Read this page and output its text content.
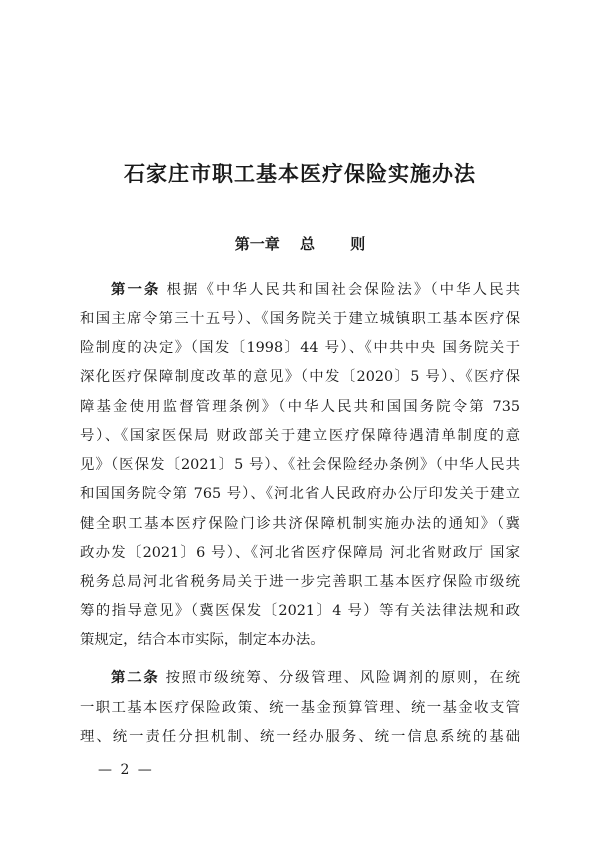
石家庄市职工基本医疗保险实施办法
第一章　 总　　 则
第一条 根据《中华人民共和国社会保险法》（中华人民共
和国主席令第三十五号）、《国务院关于建立城镇职工基本医疗保
险制度的决定》（国发〔1998〕44 号）、《中共中央 国务院关于
深化医疗保障制度改革的意见》（中发〔2020〕5 号）、《医疗保
障基金使用监督管理条例》（中华人民共和国国务院令第 735
号）、《国家医保局 财政部关于建立医疗保障待遇清单制度的意
见》（医保发〔2021〕5 号）、《社会保险经办条例》（中华人民共
和国国务院令第 765 号）、《河北省人民政府办公厅印发关于建立
健全职工基本医疗保险门诊共济保障机制实施办法的通知》（冀
政办发〔2021〕6 号）、《河北省医疗保障局 河北省财政厅 国家
税务总局河北省税务局关于进一步完善职工基本医疗保险市级统
筹的指导意见》（冀医保发〔2021〕4 号）等有关法律法规和政
策规定，结合本市实际，制定本办法。
第二条 按照市级统筹、分级管理、风险调剂的原则，在统
一职工基本医疗保险政策、统一基金预算管理、统一基金收支管
理、统一责任分担机制、统一经办服务、统一信息系统的基础
— 2 —
